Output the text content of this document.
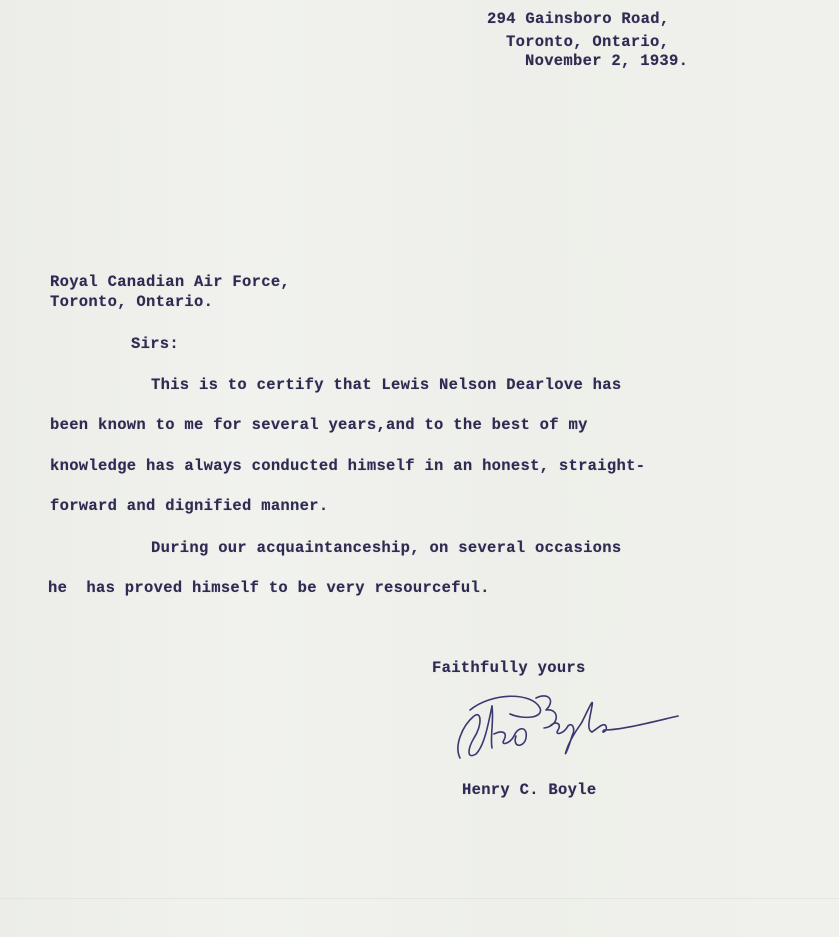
294 Gainsboro Road,
Toronto, Ontario,
November 2, 1939.
Royal Canadian Air Force,
Toronto, Ontario.
Sirs:
This is to certify that Lewis Nelson Dearlove has
been known to me for several years,and to the best of my
knowledge has always conducted himself in an honest, straight-
forward and dignified manner.
During our acquaintanceship, on several occasions
he  has proved himself to be very resourceful.
Faithfully yours
Henry C. Boyle
